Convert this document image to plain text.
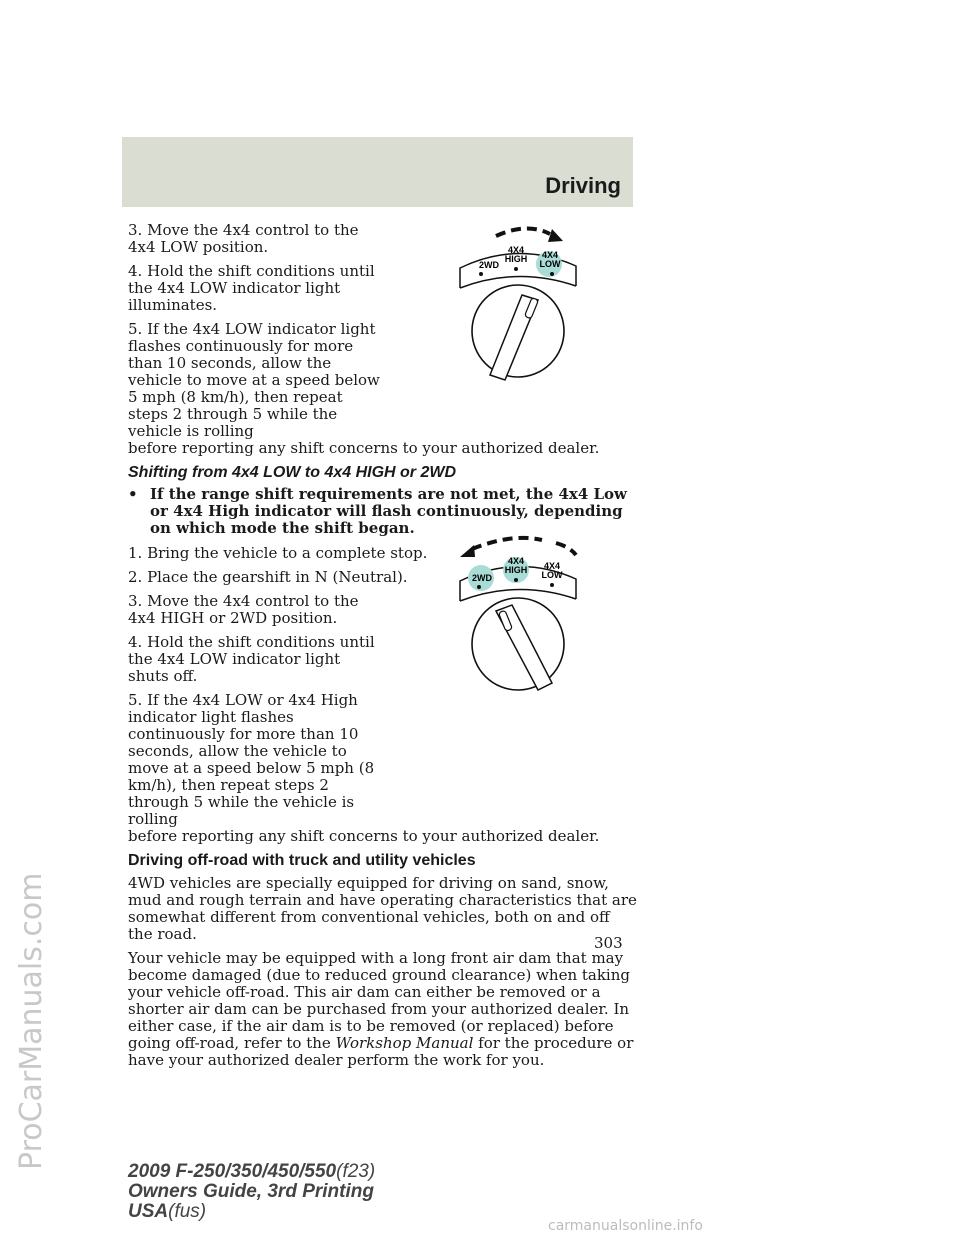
Driving
ProCarManuals.com

3. Move the 4x4 control to the 4x4 LOW position.

4. Hold the shift conditions until the 4x4 LOW indicator light illuminates.

5. If the 4x4 LOW indicator light flashes continuously for more than 10 seconds, allow the vehicle to move at a speed below 5 mph (8 km/h), then repeat steps 2 through 5 while the vehicle is rolling

before reporting any shift concerns to your authorized dealer.

Shifting from 4x4 LOW to 4x4 HIGH or 2WD
• If the range shift requirements are not met, the 4x4 Low or 4x4 High indicator will flash continuously, depending on which mode the shift began.

1. Bring the vehicle to a complete stop.

2. Place the gearshift in N (Neutral).

3. Move the 4x4 control to the 4x4 HIGH or 2WD position.

4. Hold the shift conditions until the 4x4 LOW indicator light shuts off.

5. If the 4x4 LOW or 4x4 High indicator light flashes continuously for more than 10 seconds, allow the vehicle to move at a speed below 5 mph (8 km/h), then repeat steps 2 through 5 while the vehicle is rolling

before reporting any shift concerns to your authorized dealer.

Driving off-road with truck and utility vehicles

4WD vehicles are specially equipped for driving on sand, snow, mud and rough terrain and have operating characteristics that are somewhat different from conventional vehicles, both on and off the road.

Your vehicle may be equipped with a long front air dam that may become damaged (due to reduced ground clearance) when taking your vehicle off-road. This air dam can either be removed or a shorter air dam can be purchased from your authorized dealer. In either case, if the air dam is to be removed (or replaced) before going off-road, refer to the Workshop Manual for the procedure or have your authorized dealer perform the work for you.

2WD
4X4
HIGH 4X4
LOW
2WD
4X4
HIGH 4X4
LOW
303
2009 F-250/350/450/550(f23)
Owners Guide, 3rd Printing
USA(fus)
carmanualsonline.info
